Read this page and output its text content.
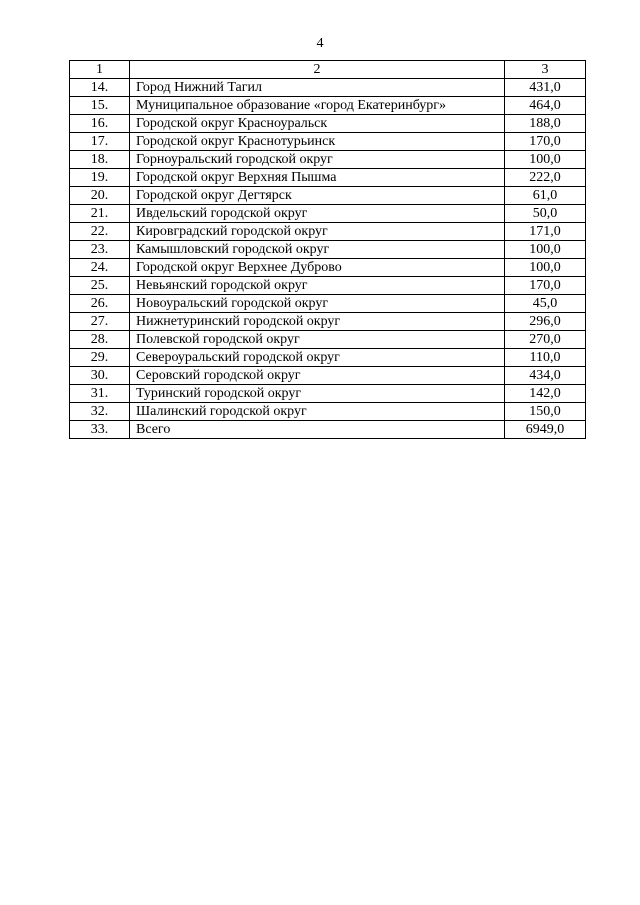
4
1	2	3
14.	Город Нижний Тагил	431,0
15.	Муниципальное образование «город Екатеринбург»	464,0
16.	Городской округ Красноуральск	188,0
17.	Городской округ Краснотурьинск	170,0
18.	Горноуральский городской округ	100,0
19.	Городской округ Верхняя Пышма	222,0
20.	Городской округ Дегтярск	61,0
21.	Ивдельский городской округ	50,0
22.	Кировградский городской округ	171,0
23.	Камышловский городской округ	100,0
24.	Городской округ Верхнее Дуброво	100,0
25.	Невьянский городской округ	170,0
26.	Новоуральский городской округ	45,0
27.	Нижнетуринский городской округ	296,0
28.	Полевской городской округ	270,0
29.	Североуральский городской округ	110,0
30.	Серовский городской округ	434,0
31.	Туринский городской округ	142,0
32.	Шалинский городской округ	150,0
33.	Всего	6949,0
